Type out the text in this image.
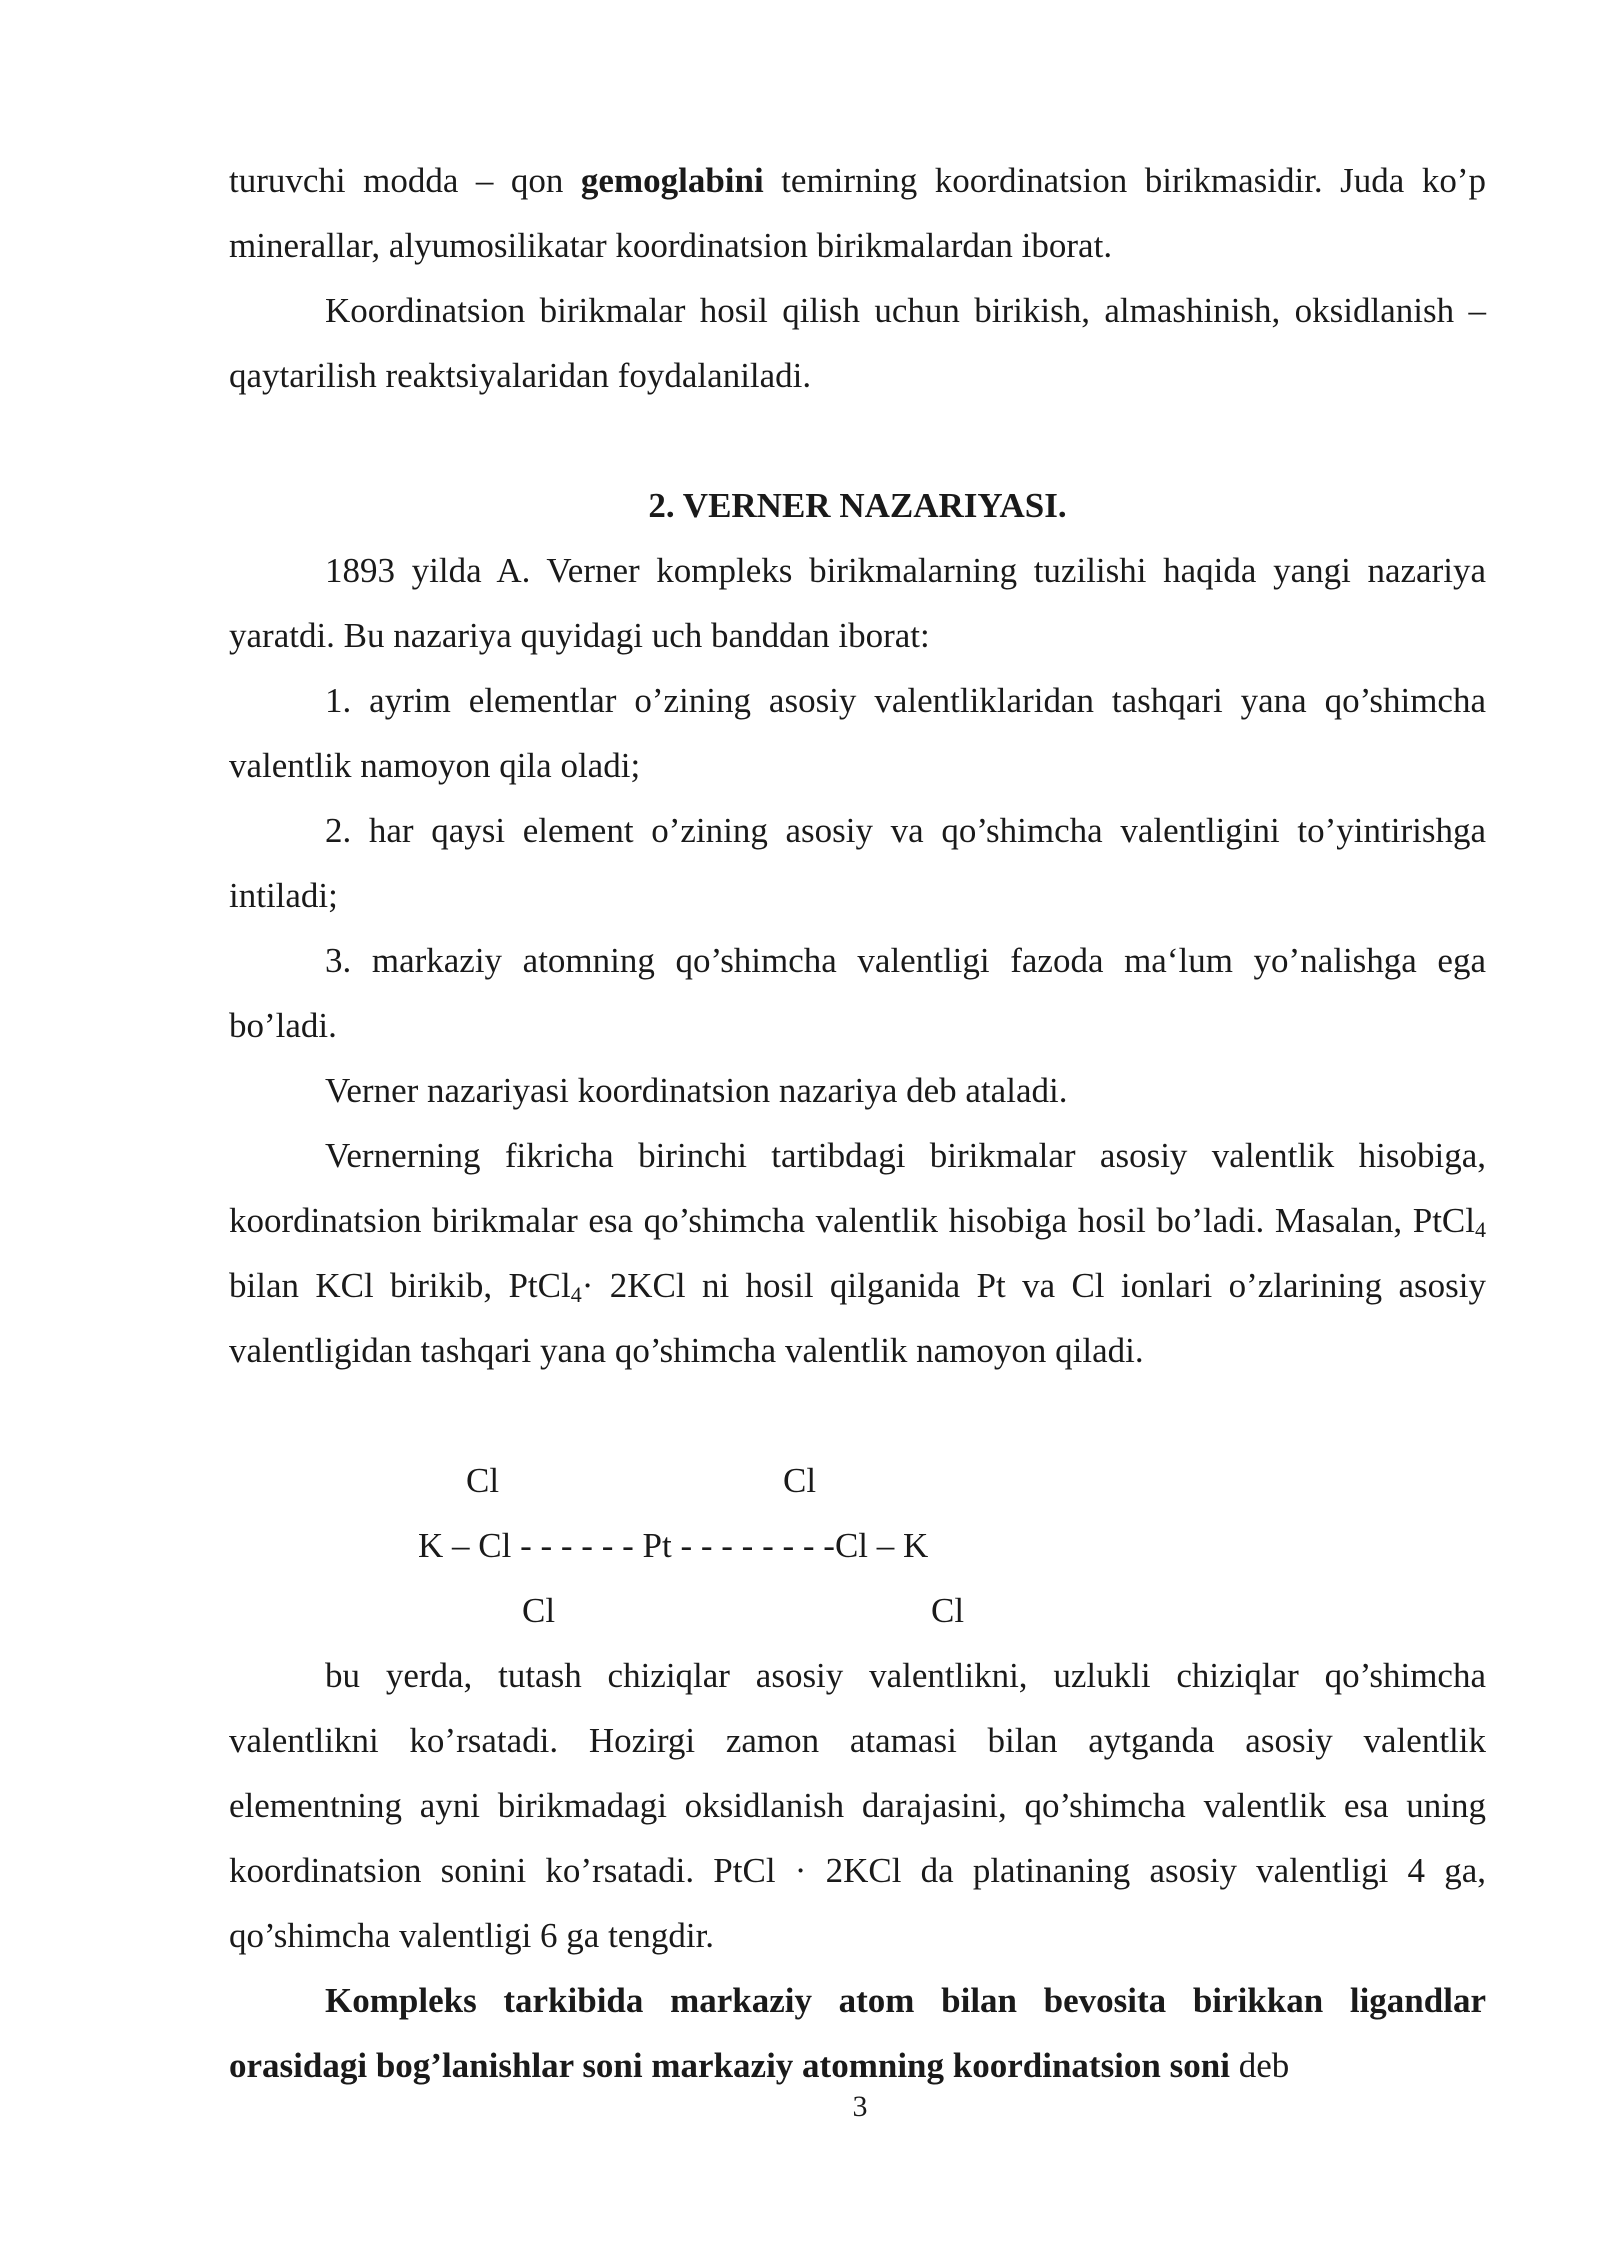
turuvchi modda – qon gemoglabini temirning koordinatsion birikmasidir. Juda ko’p minerallar, alyumosilikatar koordinatsion birikmalardan iborat.

Koordinatsion birikmalar hosil qilish uchun birikish, almashinish, oksidlanish – qaytarilish reaktsiyalaridan foydalaniladi.

2. VERNER NAZARIYASI.

1893 yilda A. Verner kompleks birikmalarning tuzilishi haqida yangi nazariya yaratdi. Bu nazariya quyidagi uch banddan iborat:

1. ayrim elementlar o’zining asosiy valentliklaridan tashqari yana qo’shimcha valentlik namoyon qila oladi;

2. har qaysi element o’zining asosiy va qo’shimcha valentligini to’yintirishga intiladi;

3. markaziy atomning qo’shimcha valentligi fazoda ma‘lum yo’nalishga ega bo’ladi.

Verner nazariyasi koordinatsion nazariya deb ataladi.

Vernerning fikricha birinchi tartibdagi birikmalar asosiy valentlik hisobiga, koordinatsion birikmalar esa qo’shimcha valentlik hisobiga hosil bo’ladi. Masalan, PtCl$_4$ bilan KCl birikib, PtCl$_4$· 2KCl ni hosil qilganida Pt va Cl ionlari o’zlarining asosiy valentligidan tashqari yana qo’shimcha valentlik namoyon qiladi.

Cl	Cl
K – Cl - - - - - - Pt - - - - - - - -Cl – K
Cl	Cl

bu yerda, tutash chiziqlar asosiy valentlikni, uzlukli chiziqlar qo’shimcha valentlikni ko’rsatadi. Hozirgi zamon atamasi bilan aytganda asosiy valentlik elementning ayni birikmadagi oksidlanish darajasini, qo’shimcha valentlik esa uning koordinatsion sonini ko’rsatadi. PtCl · 2KCl da platinaning asosiy valentligi 4 ga, qo’shimcha valentligi 6 ga tengdir.

Kompleks tarkibida markaziy atom bilan bevosita birikkan ligandlar orasidagi bog’lanishlar soni markaziy atomning koordinatsion soni deb

3
